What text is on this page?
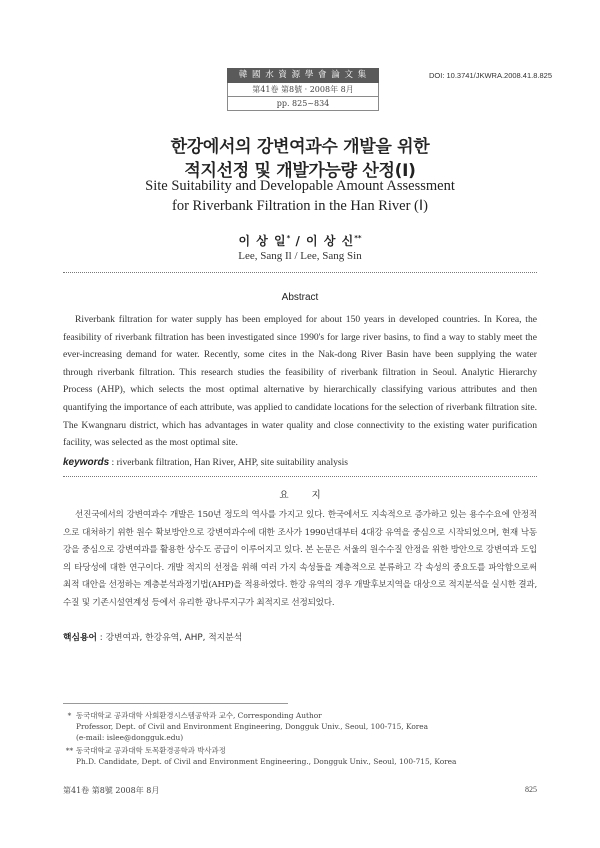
韓 國 水 資 源 學 會 論 文 集
第41卷 第8號 · 2008年 8月
pp. 825~834
DOI: 10.3741/JKWRA.2008.41.8.825
한강에서의 강변여과수 개발을 위한
적지선정 및 개발가능량 산정(Ⅰ)
Site Suitability and Developable Amount Assessment
for Riverbank Filtration in the Han River (Ⅰ)
이 상 일* / 이 상 신**
Lee, Sang Il / Lee, Sang Sin
Abstract

Riverbank filtration for water supply has been employed for about 150 years in developed countries. In Korea, the feasibility of riverbank filtration has been investigated since 1990's for large river basins, to find a way to stably meet the ever-increasing demand for water. Recently, some cites in the Nak-dong River Basin have been supplying the water through riverbank filtration. This research studies the feasibility of riverbank filtration in Seoul. Analytic Hierarchy Process (AHP), which selects the most optimal alternative by hierarchically classifying various attributes and then quantifying the importance of each attribute, was applied to candidate locations for the selection of riverbank filtration site. The Kwangnaru district, which has advantages in water quality and close connectivity to the existing water purification facility, was selected as the most optimal site.

keywords : riverbank filtration, Han River, AHP, site suitability analysis
요 지

선진국에서의 강변여과수 개발은 150년 정도의 역사를 가지고 있다. 한국에서도 지속적으로 증가하고 있는 용수수요에 안정적으로 대처하기 위한 원수 확보방안으로 강변여과수에 대한 조사가 1990년대부터 4대강 유역을 중심으로 시작되었으며, 현재 낙동강을 중심으로 강변여과를 활용한 상수도 공급이 이루어지고 있다. 본 논문은 서울의 원수수질 안정을 위한 방안으로 강변여과 도입의 타당성에 대한 연구이다. 개발 적지의 선정을 위해 여러 가지 속성들을 계층적으로 분류하고 각 속성의 중요도를 파악함으로써 최적 대안을 선정하는 계층분석과정기법(AHP)을 적용하였다. 한강 유역의 경우 개발후보지역을 대상으로 적지분석을 실시한 결과, 수질 및 기존시설연계성 등에서 유리한 광나루지구가 최적지로 선정되었다.

핵심용어 : 강변여과, 한강유역, AHP, 적지분석
* 동국대학교 공과대학 사회환경시스템공학과 교수, Corresponding Author
Professor, Dept. of Civil and Environment Engineering, Dongguk Univ., Seoul, 100-715, Korea
(e-mail: islee@dongguk.edu)
** 동국대학교 공과대학 토목환경공학과 박사과정
Ph.D. Candidate, Dept. of Civil and Environment Engineering., Dongguk Univ., Seoul, 100-715, Korea
第41卷 第8號 2008年 8月	825
